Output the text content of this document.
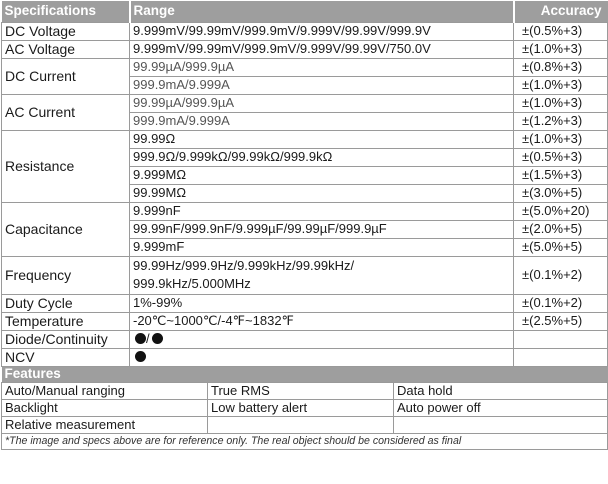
Specifications	Range			Accuracy
DC Voltage	9.999mV/99.99mV/999.9mV/9.999V/99.99V/999.9V			±(0.5%+3)
AC Voltage	9.999mV/99.99mV/999.9mV/9.999V/99.99V/750.0V			±(1.0%+3)
DC Current	99.99µA/999.9µA			±(0.8%+3)
	999.9mA/9.999A			±(1.0%+3)
AC Current	99.99µA/999.9µA			±(1.0%+3)
	999.9mA/9.999A			±(1.2%+3)
Resistance	99.99Ω			±(1.0%+3)
	999.9Ω/9.999kΩ/99.99kΩ/999.9kΩ			±(0.5%+3)
	9.999MΩ			±(1.5%+3)
	99.99MΩ			±(3.0%+5)
Capacitance	9.999nF			±(5.0%+20)
	99.99nF/999.9nF/9.999µF/99.99µF/999.9µF			±(2.0%+5)
	9.999mF			±(5.0%+5)
Frequency	99.99Hz/999.9Hz/9.999kHz/99.99kHz/
999.9kHz/5.000MHz			±(0.1%+2)
Duty Cycle	1%-99%			±(0.1%+2)
Temperature	-20℃~1000℃/-4℉~1832℉			±(2.5%+5)
Diode/Continuity	/			
NCV				
Features				
Auto/Manual ranging		True RMS	Data hold	
Backlight		Low battery alert	Auto power off	
Relative measurement				
*The image and specs above are for reference only. The real object should be considered as final				
